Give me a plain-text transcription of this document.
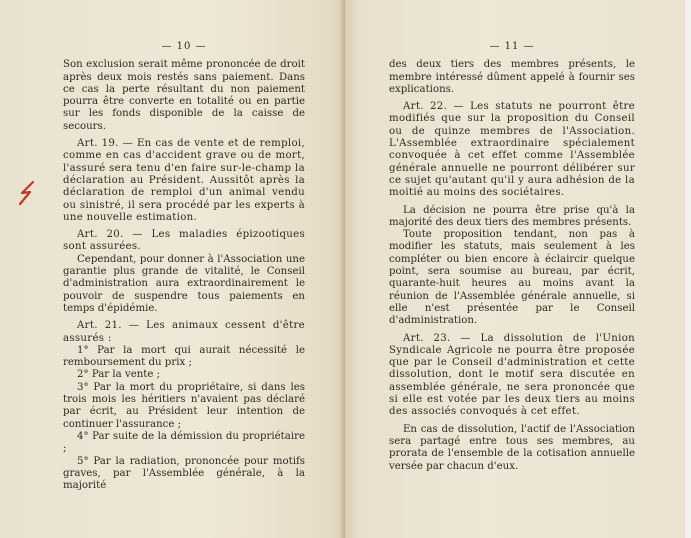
— 10 —

Son exclusion serait même prononcée de droit après deux mois restés sans paiement. Dans ce cas la perte résultant du non paiement pourra être converte en totalité ou en partie sur les fonds disponible de la caisse de secours.

Art. 19. — En cas de vente et de remploi, comme en cas d'accident grave ou de mort, l'assuré sera tenu d'en faire sur-le-champ la déclaration au Président. Aussitôt après la déclaration de remploi d'un animal vendu ou sinistré, il sera procédé par les experts à une nouvelle estimation.

Art. 20. — Les maladies épizootiques sont assurées.

Cependant, pour donner à l'Association une garantie plus grande de vitalité, le Conseil d'administration aura extraordinairement le pouvoir de suspendre tous paiements en temps d'épidémie.

Art. 21. — Les animaux cessent d'être assurés :

1° Par la mort qui aurait nécessité le remboursement du prix ;

2° Par la vente ;

3° Par la mort du propriétaire, si dans les trois mois les héritiers n'avaient pas déclaré par écrit, au Président leur intention de continuer l'assurance ;

4° Par suite de la démission du propriétaire ;

5° Par la radiation, prononcée pour motifs graves, par l'Assemblée générale, à la majorité

— 11 —

des deux tiers des membres présents, le membre intéressé dûment appelé à fournir ses explications.

Art. 22. — Les statuts ne pourront être modifiés que sur la proposition du Conseil ou de quinze membres de l'Association. L'Assemblée extraordinaire spécialement convoquée à cet effet comme l'Assemblée générale annuelle ne pourront délibérer sur ce sujet qu'autant qu'il y aura adhésion de la moitié au moins des sociétaires.

La décision ne pourra être prise qu'à la majorité des deux tiers des membres présents.

Toute proposition tendant, non pas à modifier les statuts, mais seulement à les compléter ou bien encore à éclaircir quelque point, sera soumise au bureau, par écrit, quarante-huit heures au moins avant la réunion de l'Assemblée générale annuelle, si elle n'est présentée par le Conseil d'administration.

Art. 23. — La dissolution de l'Union Syndicale Agricole ne pourra être proposée que par le Conseil d'administration et cette dissolution, dont le motif sera discutée en assemblée générale, ne sera prononcée que si elle est votée par les deux tiers au moins des associés convoqués à cet effet.

En cas de dissolution, l'actif de l'Association sera partagé entre tous ses membres, au prorata de l'ensemble de la cotisation annuelle versée par chacun d'eux.
